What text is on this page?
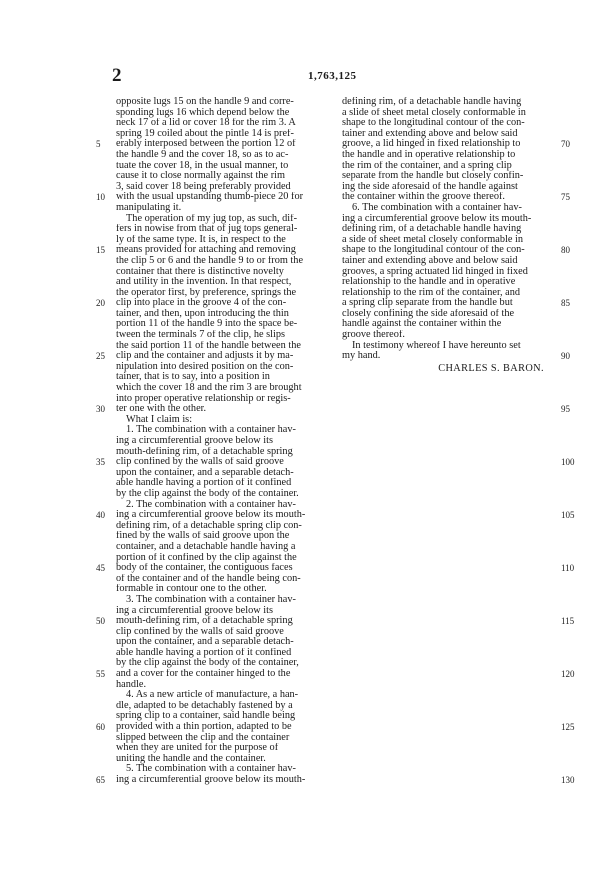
2	1,763,125
opposite lugs 15 on the handle 9 and corre-
sponding lugs 16 which depend below the
neck 17 of a lid or cover 18 for the rim 3. A
spring 19 coiled about the pintle 14 is pref-
erably interposed between the portion 12 of
the handle 9 and the cover 18, so as to ac-
tuate the cover 18, in the usual manner, to
cause it to close normally against the rim
3, said cover 18 being preferably provided
with the usual upstanding thumb-piece 20 for
manipulating it.
The operation of my jug top, as such, dif-
fers in nowise from that of jug tops general-
ly of the same type. It is, in respect to the
means provided for attaching and removing
the clip 5 or 6 and the handle 9 to or from the
container that there is distinctive novelty
and utility in the invention. In that respect,
the operator first, by preference, springs the
clip into place in the groove 4 of the con-
tainer, and then, upon introducing the thin
portion 11 of the handle 9 into the space be-
tween the terminals 7 of the clip, he slips
the said portion 11 of the handle between the
clip and the container and adjusts it by ma-
nipulation into desired position on the con-
tainer, that is to say, into a position in
which the cover 18 and the rim 3 are brought
into proper operative relationship or regis-
ter one with the other.
What I claim is:
1. The combination with a container hav-
ing a circumferential groove below its
mouth-defining rim, of a detachable spring
clip confined by the walls of said groove
upon the container, and a separable detach-
able handle having a portion of it confined
by the clip against the body of the container.
2. The combination with a container hav-
ing a circumferential groove below its mouth-
defining rim, of a detachable spring clip con-
fined by the walls of said groove upon the
container, and a detachable handle having a
portion of it confined by the clip against the
body of the container, the contiguous faces
of the container and of the handle being con-
formable in contour one to the other.
3. The combination with a container hav-
ing a circumferential groove below its
mouth-defining rim, of a detachable spring
clip confined by the walls of said groove
upon the container, and a separable detach-
able handle having a portion of it confined
by the clip against the body of the container,
and a cover for the container hinged to the
handle.
4. As a new article of manufacture, a han-
dle, adapted to be detachably fastened by a
spring clip to a container, said handle being
provided with a thin portion, adapted to be
slipped between the clip and the container
when they are united for the purpose of
uniting the handle and the container.
5. The combination with a container hav-
ing a circumferential groove below its mouth-
defining rim, of a detachable handle having
a slide of sheet metal closely conformable in
shape to the longitudinal contour of the con-
tainer and extending above and below said
groove, a lid hinged in fixed relationship to
the handle and in operative relationship to
the rim of the container, and a spring clip
separate from the handle but closely confin-
ing the side aforesaid of the handle against
the container within the groove thereof.
6. The combination with a container hav-
ing a circumferential groove below its mouth-
defining rim, of a detachable handle having
a side of sheet metal closely conformable in
shape to the longitudinal contour of the con-
tainer and extending above and below said
grooves, a spring actuated lid hinged in fixed
relationship to the handle and in operative
relationship to the rim of the container, and
a spring clip separate from the handle but
closely confining the side aforesaid of the
handle against the container within the
groove thereof.
In testimony whereof I have hereunto set
my hand.
CHARLES S. BARON.
5
10
15
20
25
30
35
40
45
50
55
60
65
70
75
80
85
90
95
100
105
110
115
120
125
130
